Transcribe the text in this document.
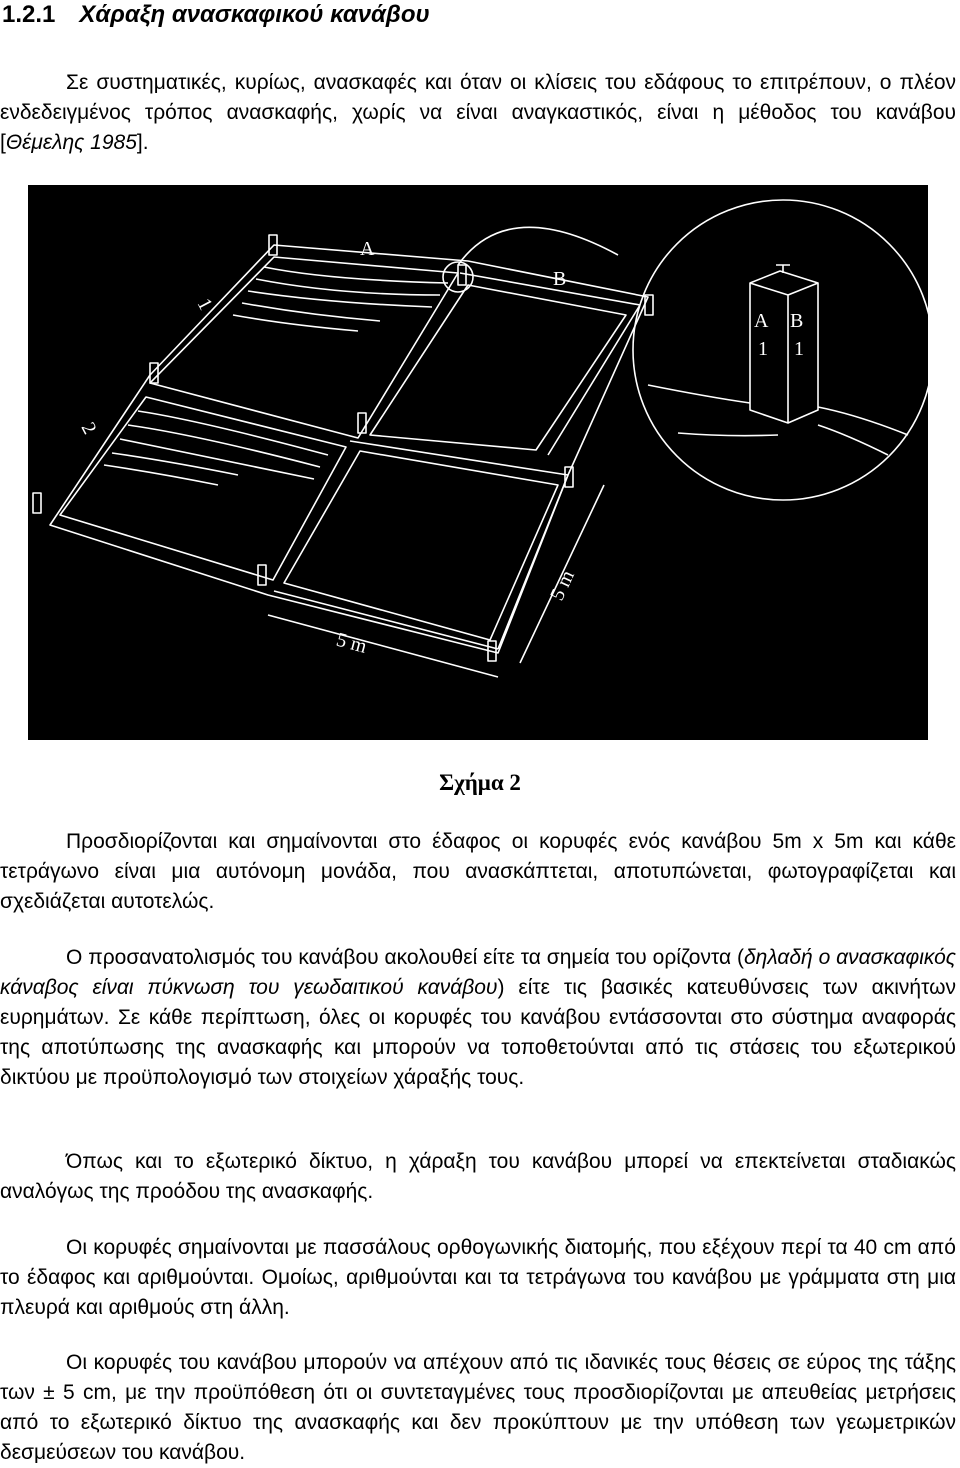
1.2.1 Χάραξη ανασκαφικού κανάβου

Σε συστηματικές, κυρίως, ανασκαφές και όταν οι κλίσεις του εδάφους το επιτρέπουν, ο πλέον ενδεδειγμένος τρόπος ανασκαφής, χωρίς να είναι αναγκαστικός, είναι η μέθοδος του κανάβου [Θέμελης 1985].

Α
Β
1
2
5 m
5 m
Α
1
Β
1
Σχήμα 2

Προσδιορίζονται και σημαίνονται στο έδαφος οι κορυφές ενός κανάβου 5m x 5m και κάθε τετράγωνο είναι μια αυτόνομη μονάδα, που ανασκάπτεται, αποτυπώνεται, φωτογραφίζεται και σχεδιάζεται αυτοτελώς.

Ο προσανατολισμός του κανάβου ακολουθεί είτε τα σημεία του ορίζοντα (δηλαδή ο ανασκαφικός κάναβος είναι πύκνωση του γεωδαιτικού κανάβου) είτε τις βασικές κατευθύνσεις των ακινήτων ευρημάτων. Σε κάθε περίπτωση, όλες οι κορυφές του κανάβου εντάσσονται στο σύστημα αναφοράς της αποτύπωσης της ανασκαφής και μπορούν να τοποθετούνται από τις στάσεις του εξωτερικού δικτύου με προϋπολογισμό των στοιχείων χάραξής τους.

Όπως και το εξωτερικό δίκτυο, η χάραξη του κανάβου μπορεί να επεκτείνεται σταδιακώς αναλόγως της προόδου της ανασκαφής.

Οι κορυφές σημαίνονται με πασσάλους ορθογωνικής διατομής, που εξέχουν περί τα 40 cm από το έδαφος και αριθμούνται. Ομοίως, αριθμούνται και τα τετράγωνα του κανάβου με γράμματα στη μια πλευρά και αριθμούς στη άλλη.

Οι κορυφές του κανάβου μπορούν να απέχουν από τις ιδανικές τους θέσεις σε εύρος της τάξης των ± 5 cm, με την προϋπόθεση ότι οι συντεταγμένες τους προσδιορίζονται με απευθείας μετρήσεις από το εξωτερικό δίκτυο της ανασκαφής και δεν προκύπτουν με την υπόθεση των γεωμετρικών δεσμεύσεων του κανάβου.
